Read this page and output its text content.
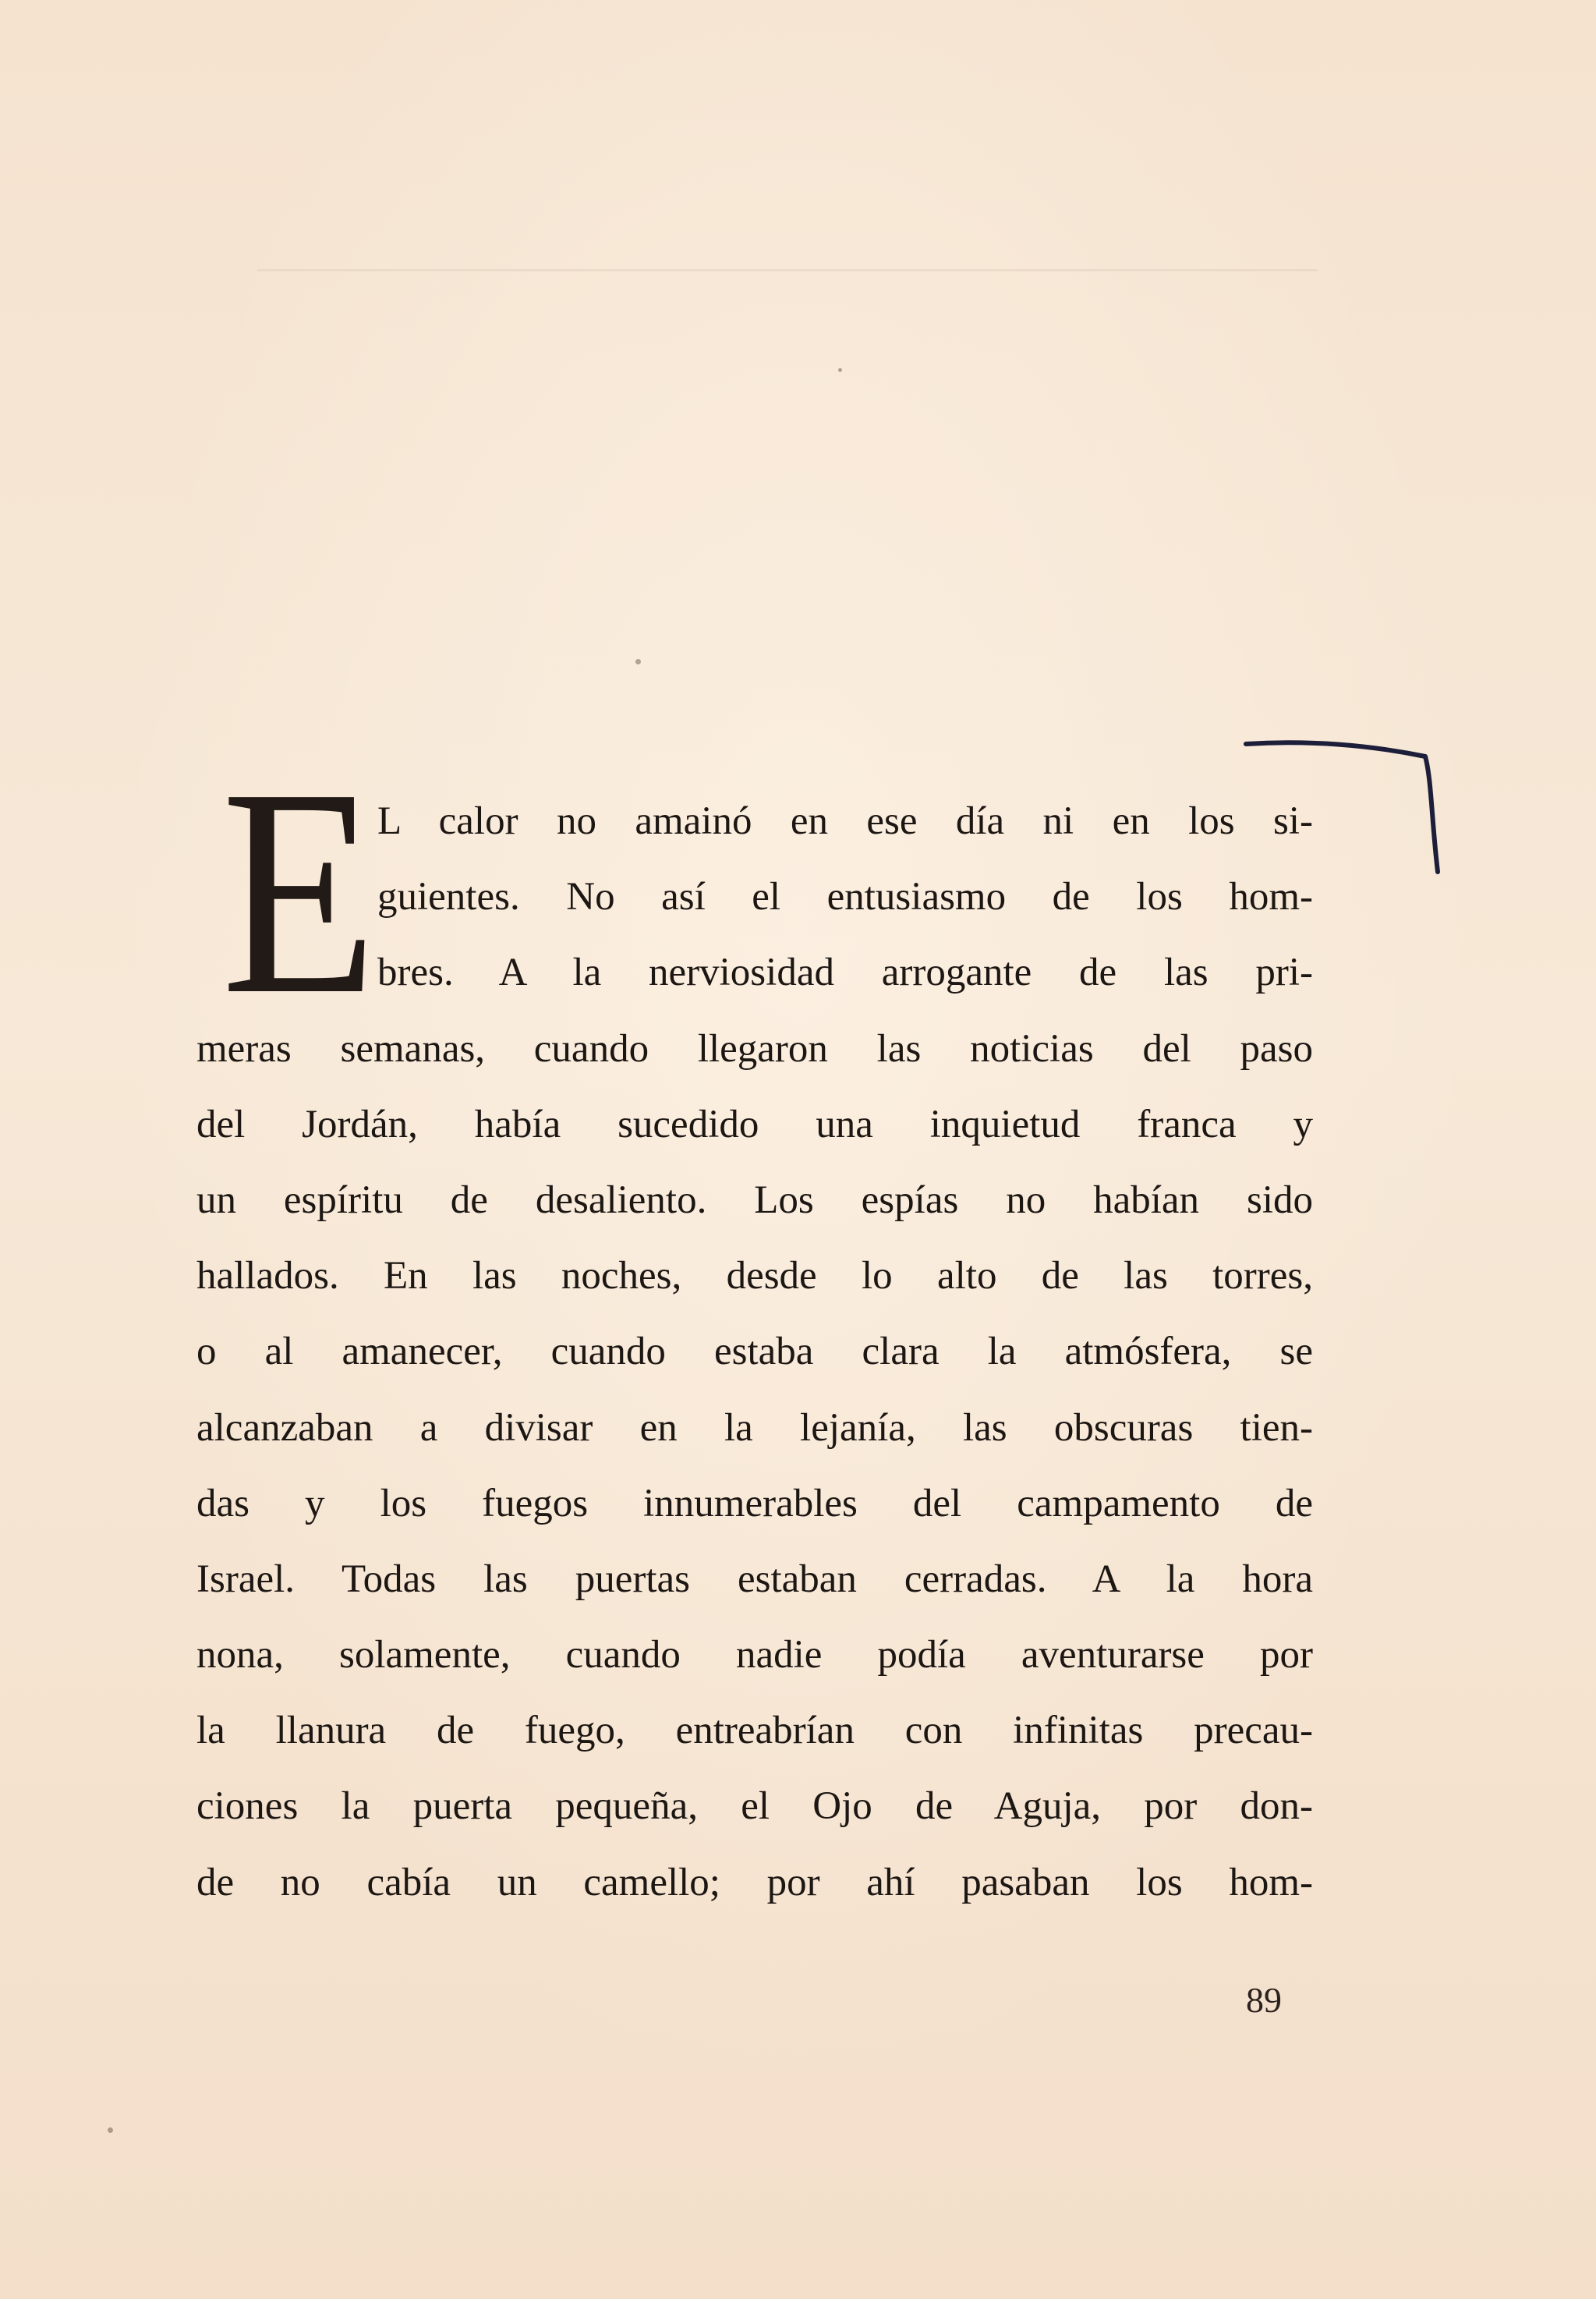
E L calor no amainó en ese día ni en los si-
guientes. No así el entusiasmo de los hom-
bres. A la nerviosidad arrogante de las pri-
meras semanas, cuando llegaron las noticias del paso
del Jordán, había sucedido una inquietud franca y
un espíritu de desaliento. Los espías no habían sido
hallados. En las noches, desde lo alto de las torres,
o al amanecer, cuando estaba clara la atmósfera, se
alcanzaban a divisar en la lejanía, las obscuras tien-
das y los fuegos innumerables del campamento de
Israel. Todas las puertas estaban cerradas. A la hora
nona, solamente, cuando nadie podía aventurarse por
la llanura de fuego, entreabrían con infinitas precau-
ciones la puerta pequeña, el Ojo de Aguja, por don-
de no cabía un camello; por ahí pasaban los hom-
89
